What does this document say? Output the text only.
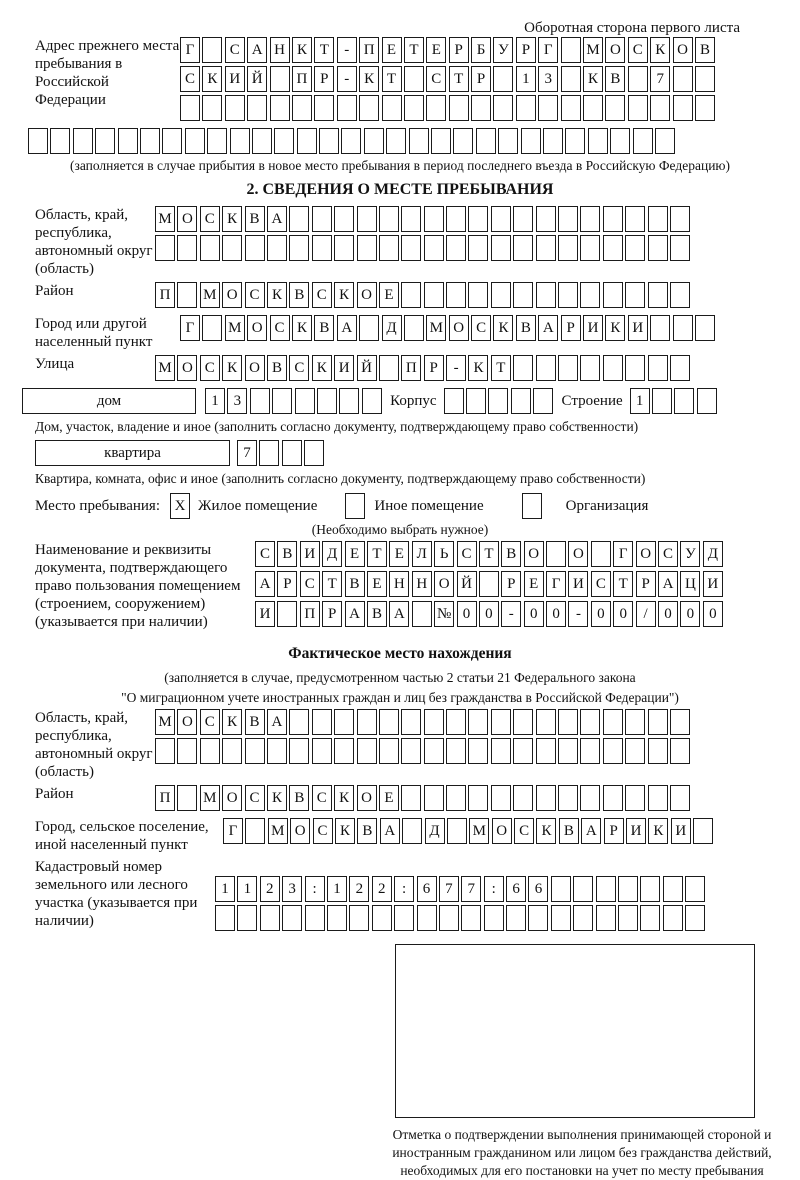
Оборотная сторона первого листа
Адрес прежнего места пребывания в Российской Федерации
Г С А Н К Т - П Е Т Е Р Б У Р Г М О С К О В
С К И Й П Р - К Т С Т Р 1 3 К В 7
(заполняется в случае прибытия в новое место пребывания в период последнего въезда в Российскую Федерацию)
2. СВЕДЕНИЯ О МЕСТЕ ПРЕБЫВАНИЯ
Область, край, республика, автономный округ (область)
М О С К В А
Район	П М О С К В С К О Е
Город или другой населенный пункт
Г М О С К В А Д М О С К В А Р И К И
Улица	М О С К О В С К И Й П Р - К Т
дом	1 3	Корпус	Строение 1
Дом, участок, владение и иное (заполнить согласно документу, подтверждающему право собственности)
квартира	7
Квартира, комната, офис и иное (заполнить согласно документу, подтверждающему право собственности)
Место пребывания: X Жилое помещение	Иное помещение	Организация
(Необходимо выбрать нужное)
Наименование и реквизиты документа, подтверждающего право пользования помещением (строением, сооружением) (указывается при наличии)
С В И Д Е Т Е Л Ь С Т В О О Г О С У Д
А Р С Т В Е Н Н О Й Р Е Г И С Т Р А Ц И
И П Р А В А № 0 0 - 0 0 - 0 0 / 0 0 0
Фактическое место нахождения
(заполняется в случае, предусмотренном частью 2 статьи 21 Федерального закона
"О миграционном учете иностранных граждан и лиц без гражданства в Российской Федерации")
Область, край, республика, автономный округ (область)
М О С К В А
Район	П М О С К В С К О Е
Город, сельское поселение, иной населенный пункт
Г М О С К В А Д М О С К В А Р И К И
Кадастровый номер земельного или лесного участка (указывается при наличии)
1 1 2 3 : 1 2 2 : 6 7 7 : 6 6
Отметка о подтверждении выполнения принимающей стороной и иностранным гражданином или лицом без гражданства действий, необходимых для его постановки на учет по месту пребывания
